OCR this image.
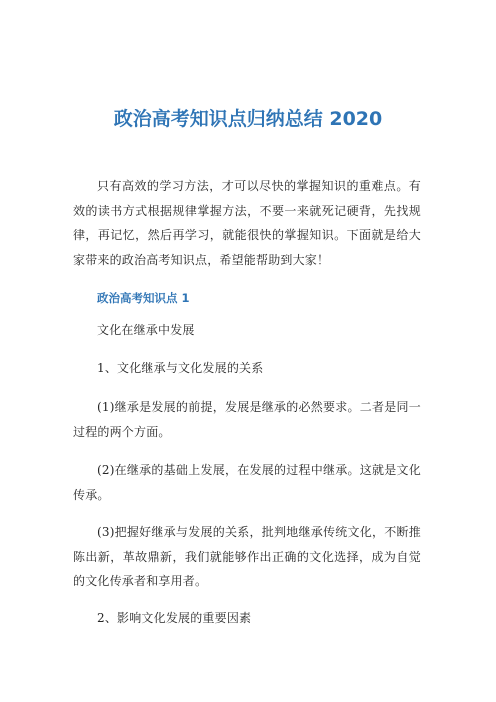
政治高考知识点归纳总结 2020

只有高效的学习方法，才可以尽快的掌握知识的重难点。有效的读书方式根据规律掌握方法，不要一来就死记硬背，先找规律，再记忆，然后再学习，就能很快的掌握知识。下面就是给大家带来的政治高考知识点，希望能帮助到大家！

政治高考知识点 1

文化在继承中发展

1、文化继承与文化发展的关系

(1)继承是发展的前提，发展是继承的必然要求。二者是同一过程的两个方面。

(2)在继承的基础上发展，在发展的过程中继承。这就是文化传承。

(3)把握好继承与发展的关系，批判地继承传统文化，不断推陈出新，革故鼎新，我们就能够作出正确的文化选择，成为自觉的文化传承者和享用者。

2、影响文化发展的重要因素
